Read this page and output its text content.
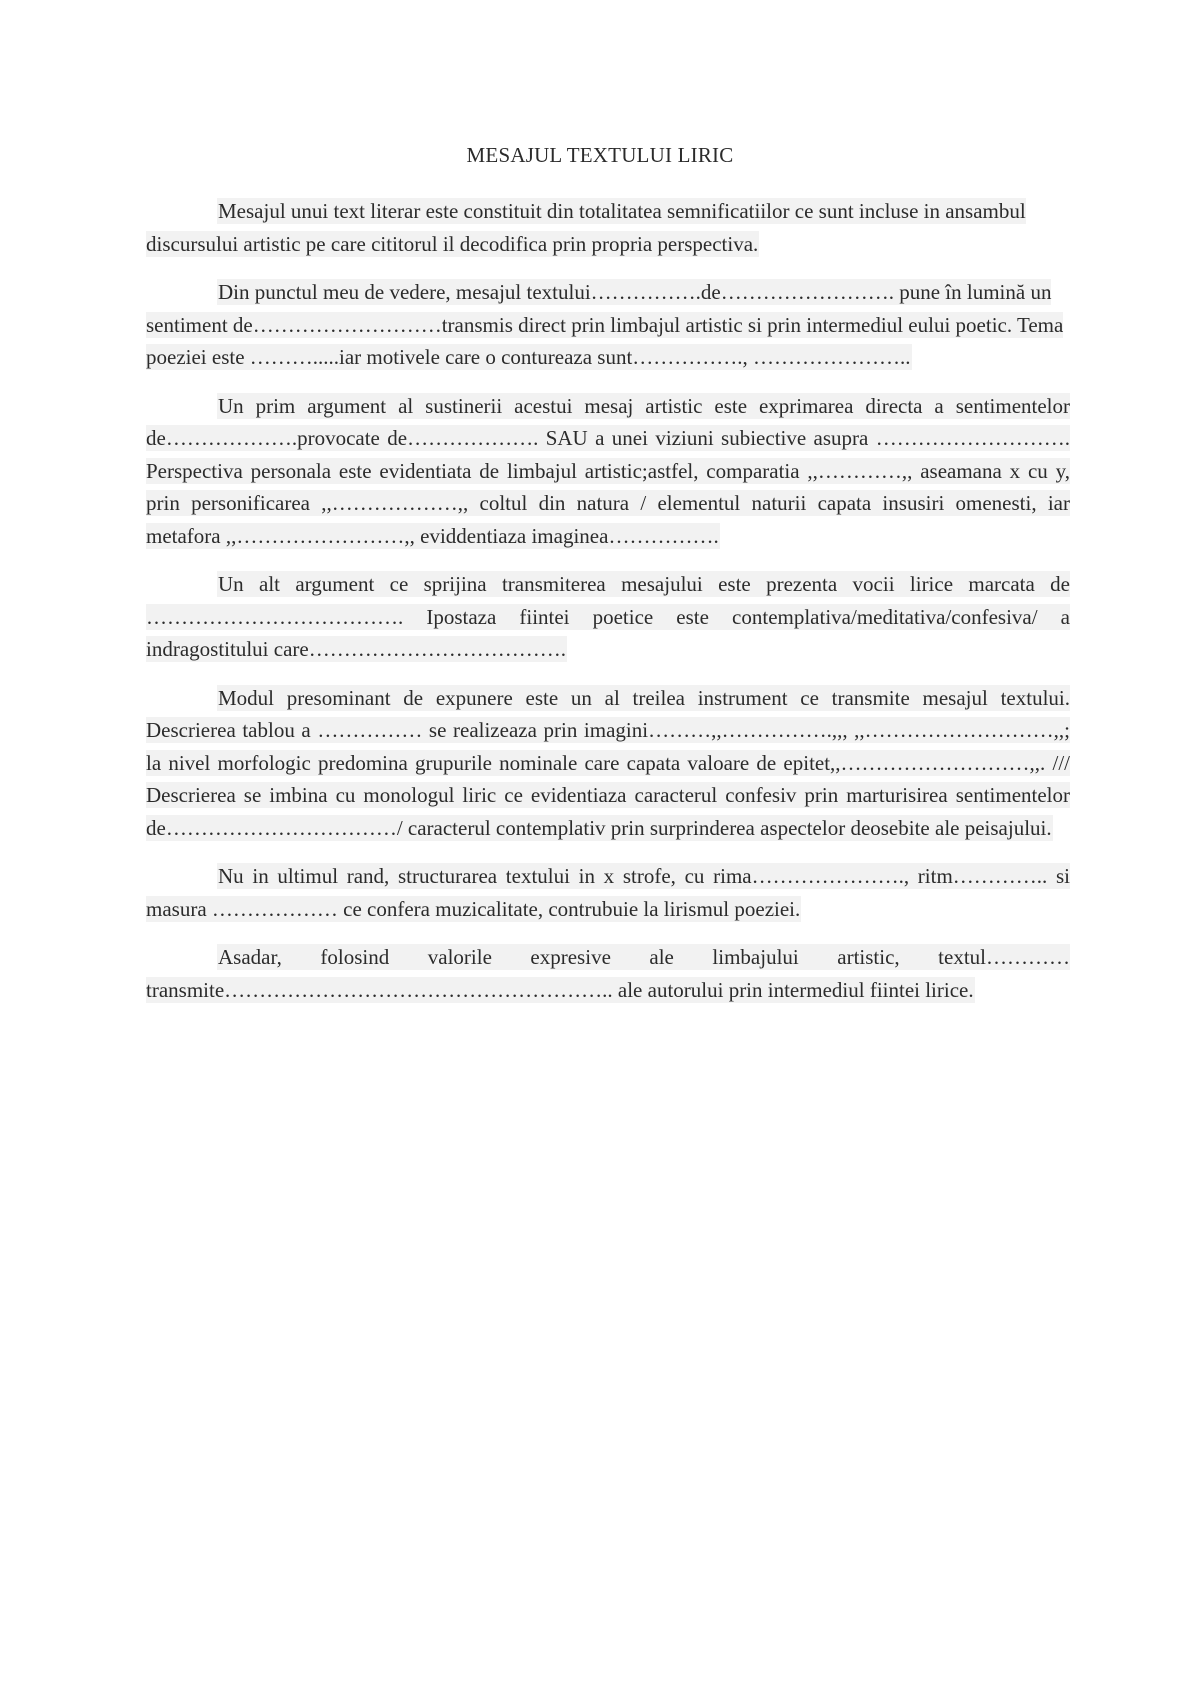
MESAJUL TEXTULUI LIRIC

Mesajul unui text literar este constituit din totalitatea semnificatiilor ce sunt incluse in ansambul discursului artistic pe care cititorul il decodifica prin propria perspectiva.

Din punctul meu de vedere, mesajul textului…………….de……………………. pune în lumină un sentiment de………………………transmis direct prin limbajul artistic si prin intermediul eului poetic. Tema poeziei este ……….....iar motivele care o contureaza sunt……………., …………………..

Un prim argument al sustinerii acestui mesaj artistic este exprimarea directa a sentimentelor de……………….provocate de………………. SAU a unei viziuni subiective asupra ………………………. Perspectiva personala este evidentiata de limbajul artistic;astfel, comparatia ,,…………,, aseamana x cu y, prin personificarea ,,………………,, coltul din natura / elementul naturii capata insusiri omenesti, iar metafora ,,……………………,, eviddentiaza imaginea…………….

Un alt argument ce sprijina transmiterea mesajului este prezenta vocii lirice marcata de ………………………………. Ipostaza fiintei poetice este contemplativa/meditativa/confesiva/ a indragostitului care……………………………….

Modul presominant de expunere este un al treilea instrument ce transmite mesajul textului. Descrierea tablou a …………… se realizeaza prin imagini………,,…………….,,, ,,………………………,,; la nivel morfologic predomina grupurile nominale care capata valoare de epitet,,………………………,,. /// Descrierea se imbina cu monologul liric ce evidentiaza caracterul confesiv prin marturisirea sentimentelor de……………………………/ caracterul contemplativ prin surprinderea aspectelor deosebite ale peisajului.

Nu in ultimul rand, structurarea textului in x strofe, cu rima…………………., ritm………….. si masura ……………… ce confera muzicalitate, contrubuie la lirismul poeziei.

Asadar, folosind valorile expresive ale limbajului artistic, textul…………transmite……………………………………………….. ale autorului prin intermediul fiintei lirice.
